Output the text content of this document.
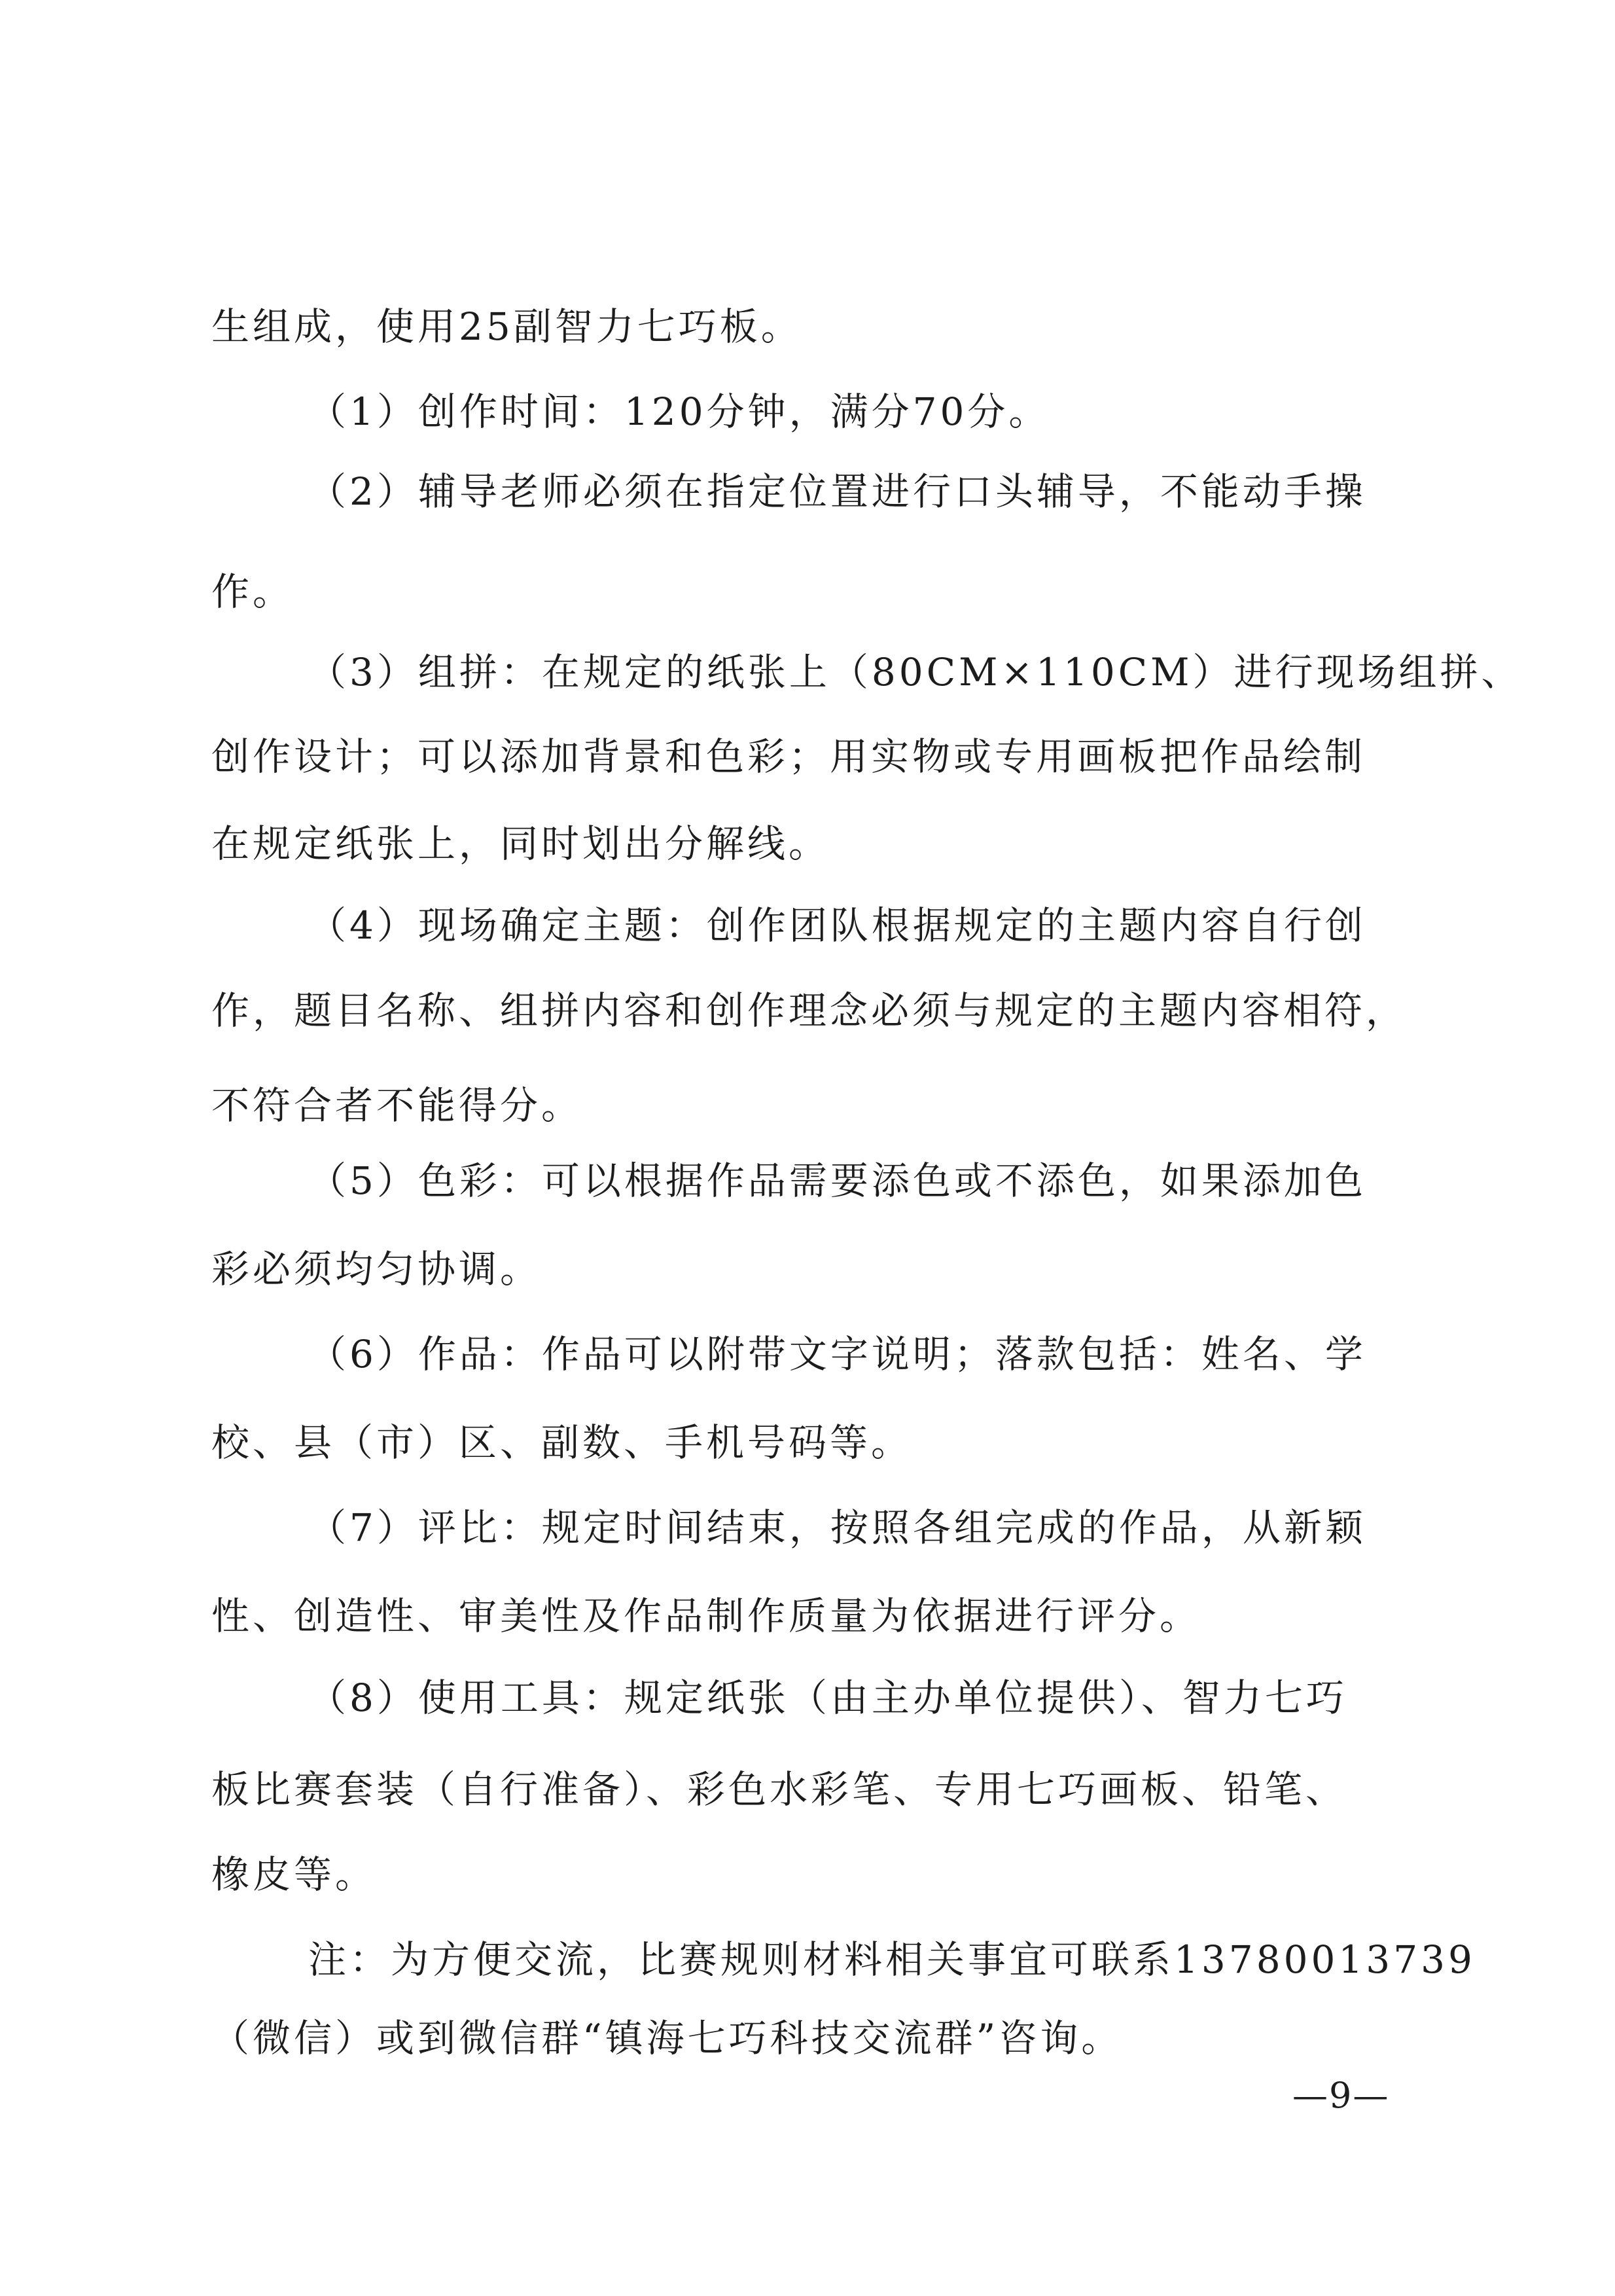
生组成，使用25副智力七巧板。

（1）创作时间：120分钟，满分70分。

（2）辅导老师必须在指定位置进行口头辅导，不能动手操

作。

（3）组拼：在规定的纸张上（80CM×110CM）进行现场组拼、

创作设计；可以添加背景和色彩；用实物或专用画板把作品绘制

在规定纸张上，同时划出分解线。

（4）现场确定主题：创作团队根据规定的主题内容自行创

作，题目名称、组拼内容和创作理念必须与规定的主题内容相符，

不符合者不能得分。

（5）色彩：可以根据作品需要添色或不添色，如果添加色

彩必须均匀协调。

（6）作品：作品可以附带文字说明；落款包括：姓名、学

校、县（市）区、副数、手机号码等。

（7）评比：规定时间结束，按照各组完成的作品，从新颖

性、创造性、审美性及作品制作质量为依据进行评分。

（8）使用工具：规定纸张（由主办单位提供）、智力七巧

板比赛套装（自行准备）、彩色水彩笔、专用七巧画板、铅笔、

橡皮等。

注：为方便交流，比赛规则材料相关事宜可联系13780013739

（微信）或到微信群“镇海七巧科技交流群”咨询。

—9—
